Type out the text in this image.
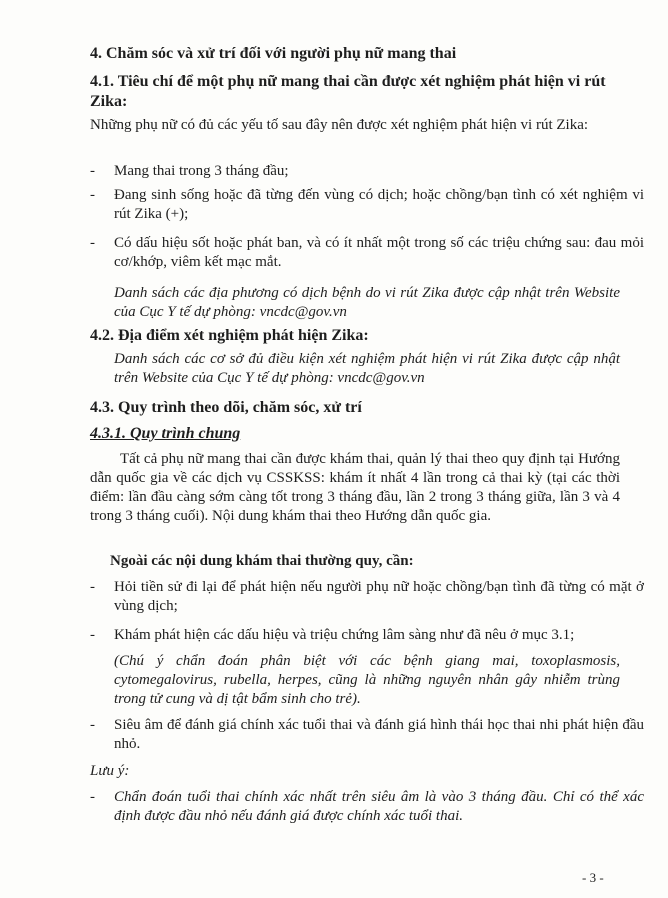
4. Chăm sóc và xử trí đối với người phụ nữ mang thai
4.1. Tiêu chí để một phụ nữ mang thai cần được xét nghiệm phát hiện vi rút Zika:
Những phụ nữ có đủ các yếu tố sau đây nên được xét nghiệm phát hiện vi rút Zika:
- Mang thai trong 3 tháng đầu;
- Đang sinh sống hoặc đã từng đến vùng có dịch; hoặc chồng/bạn tình có xét nghiệm vi rút Zika (+);
- Có dấu hiệu sốt hoặc phát ban, và có ít nhất một trong số các triệu chứng sau: đau mỏi cơ/khớp, viêm kết mạc mắt.
Danh sách các địa phương có dịch bệnh do vi rút Zika được cập nhật trên Website của Cục Y tế dự phòng: vncdc@gov.vn
4.2. Địa điểm xét nghiệm phát hiện Zika:
Danh sách các cơ sở đủ điều kiện xét nghiệm phát hiện vi rút Zika được cập nhật trên Website của Cục Y tế dự phòng: vncdc@gov.vn
4.3. Quy trình theo dõi, chăm sóc, xử trí
4.3.1. Quy trình chung
Tất cả phụ nữ mang thai cần được khám thai, quản lý thai theo quy định tại Hướng dẫn quốc gia về các dịch vụ CSSKSS: khám ít nhất 4 lần trong cả thai kỳ (tại các thời điểm: lần đầu càng sớm càng tốt trong 3 tháng đầu, lần 2 trong 3 tháng giữa, lần 3 và 4 trong 3 tháng cuối). Nội dung khám thai theo Hướng dẫn quốc gia.
Ngoài các nội dung khám thai thường quy, cần:
- Hỏi tiền sử đi lại để phát hiện nếu người phụ nữ hoặc chồng/bạn tình đã từng có mặt ở vùng dịch;
- Khám phát hiện các dấu hiệu và triệu chứng lâm sàng như đã nêu ở mục 3.1;
(Chú ý chẩn đoán phân biệt với các bệnh giang mai, toxoplasmosis, cytomegalovirus, rubella, herpes, cũng là những nguyên nhân gây nhiễm trùng trong tử cung và dị tật bẩm sinh cho trẻ).
- Siêu âm để đánh giá chính xác tuổi thai và đánh giá hình thái học thai nhi phát hiện đầu nhỏ.
Lưu ý:
- Chẩn đoán tuổi thai chính xác nhất trên siêu âm là vào 3 tháng đầu. Chỉ có thể xác định được đầu nhỏ nếu đánh giá được chính xác tuổi thai.
- 3 -
